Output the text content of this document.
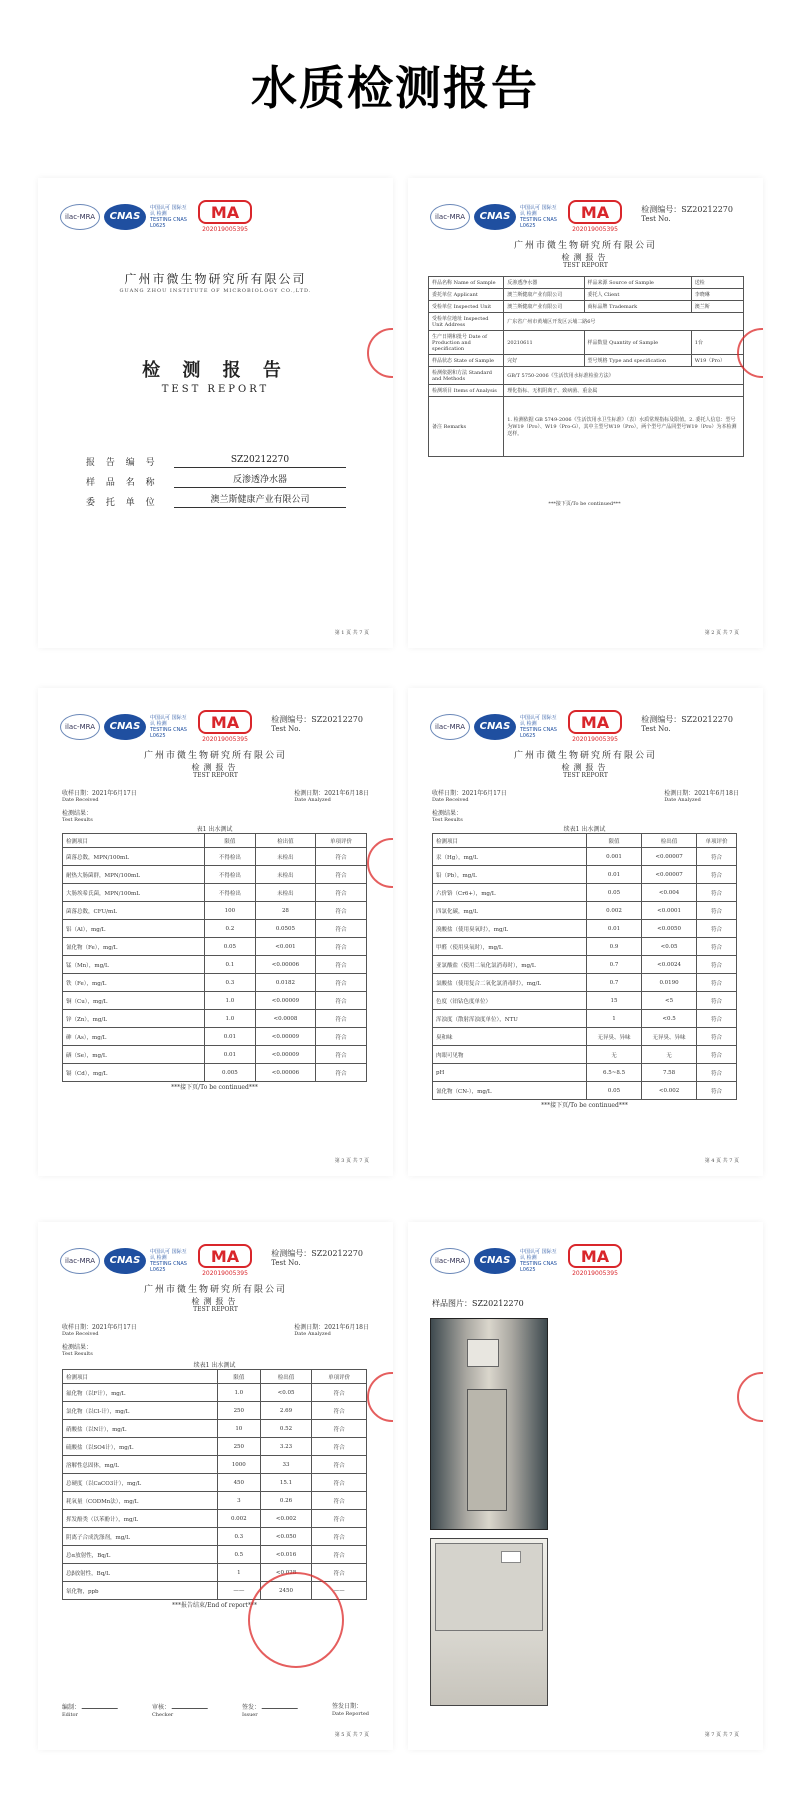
水质检测报告
ilac-MRA	CNAS
中国认可 国际互认 检测 TESTING CNAS L0625
MA
2020190053​95
广州市微生物研究所有限公司
GUANG ZHOU INSTITUTE OF MICROBIOLOGY CO.,LTD.
检 测 报 告
TEST REPORT
报 告 编 号	SZ20212270
样 品 名 称	反渗透净水器
委 托 单 位	澳兰斯健康产业有限公司
第 1 页 共 7 页
ilac-MRA	CNAS
中国认可 国际互认 检测 TESTING CNAS L0625
MA
2020190053​95
检测编号：SZ20212270
Test No.
广州市微生物研究所有限公司
检测报告
TEST REPORT
样品名称 Name of Sample	反渗透净水器	样品来源 Source of Sample	送检
委托单位 Applicant	澳兰斯健康产业有限公司	委托人 Client	李晓琳
受检单位 Inspected Unit	澳兰斯健康产业有限公司	商标品牌 Trademark	澳兰斯
受检单位地址 Inspected Unit Address	广东省广州市黄埔区开发区云埔二路6号		
生产日期和批号 Date of Production and specification	20210611	样品数量 Quantity of Sample	1台
样品状态 State of Sample	完好	型号规格 Type and specification	W19（Pro）
检测依据和方法 Standard and Methods	GB/T 5750-2006《生活饮用水标准检验方法》		
检测项目 Items of Analysis	理化指标、无机阴离子、致病菌、重金属		
备注 Remarks	1. 检测依据 GB 5749-2006《生活饮用水卫生标准》（表）水质常规指标及限值。2. 委托人信息：型号为W19（Pro）、W19（Pro-G），其中主型号W19（Pro），两个型号产品同型号W19（Pro）为本检测送样。		
***接下页/To be continued***
第 2 页 共 7 页
ilac-MRA	CNAS
中国认可 国际互认 检测 TESTING CNAS L0625
MA
2020190053​95
检测编号：SZ20212270
Test No.
广州市微生物研究所有限公司
检测报告
TEST REPORT
收样日期：2021年6月17日
Date Received
检测日期：2021年6月18日
Date Analyzed
检测结果：
Test Results
表1 出水测试			
检测项目	限值	检出值	单项评价
菌落总数，MPN/100mL	不得检出	未检出	符合
耐热大肠菌群，MPN/100mL	不得检出	未检出	符合
大肠埃希氏菌，MPN/100mL	不得检出	未检出	符合
菌落总数，CFU/mL	100	28	符合
铝（Al），mg/L	0.2	0.0505	符合
氰化物（Fe），mg/L	0.05	<0.001	符合
锰（Mn），mg/L	0.1	<0.00006	符合
铁（Fe），mg/L	0.3	0.0182	符合
铜（Cu），mg/L	1.0	<0.00009	符合
锌（Zn），mg/L	1.0	<0.0008	符合
砷（As），mg/L	0.01	<0.00009	符合
硒（Se），mg/L	0.01	<0.00009	符合
镉（Cd），mg/L	0.005	<0.00006	符合
***接下页/To be continued***			
第 3 页 共 7 页
ilac-MRA	CNAS
中国认可 国际互认 检测 TESTING CNAS L0625
MA
2020190053​95
检测编号：SZ20212270
Test No.
广州市微生物研究所有限公司
检测报告
TEST REPORT
收样日期：2021年6月17日
Date Received
检测日期：2021年6月18日
Date Analyzed
检测结果：
Test Results
续表1 出水测试			
检测项目	限值	检出值	单项评价
汞（Hg），mg/L	0.001	<0.00007	符合
铅（Pb），mg/L	0.01	<0.00007	符合
六价铬（Cr6+），mg/L	0.05	<0.004	符合
四氯化碳，mg/L	0.002	<0.0001	符合
溴酸盐（使用臭氧时），mg/L	0.01	<0.0050	符合
甲醛（使用臭氧时），mg/L	0.9	<0.05	符合
亚氯酸盐（使用二氧化氯消毒时），mg/L	0.7	<0.0024	符合
氯酸盐（使用复合二氧化氯消毒时），mg/L	0.7	0.0190	符合
色度（铂钴色度单位）	15	<5	符合
浑浊度（散射浑浊度单位），NTU	1	<0.5	符合
臭和味	无异臭、异味	无异臭、异味	符合
肉眼可见物	无	无	符合
pH	6.5~8.5	7.58	符合
氰化物（CN-），mg/L	0.05	<0.002	符合
***接下页/To be continued***			
第 4 页 共 7 页
ilac-MRA	CNAS
中国认可 国际互认 检测 TESTING CNAS L0625
MA
2020190053​95
检测编号：SZ20212270
Test No.
广州市微生物研究所有限公司
检测报告
TEST REPORT
收样日期：2021年6月17日
Date Received
检测日期：2021年6月18日
Date Analyzed
检测结果：
Test Results
续表1 出水测试			
检测项目	限值	检出值	单项评价
氟化物（以F计），mg/L	1.0	<0.05	符合
氯化物（以Cl-计），mg/L	250	2.69	符合
硝酸盐（以N计），mg/L	10	0.52	符合
硫酸盐（以SO4计），mg/L	250	3.23	符合
溶解性总固体，mg/L	1000	33	符合
总硬度（以CaCO3计），mg/L	450	15.1	符合
耗氧量（CODMn法），mg/L	3	0.26	符合
挥发酚类（以苯酚计），mg/L	0.002	<0.002	符合
阴离子合成洗涤剂，mg/L	0.3	<0.050	符合
总α放射性，Bq/L	0.5	<0.016	符合
总β放射性，Bq/L	1	<0.028	符合
氡化物，ppb	——	2450	——
***报告结束/End of report***			
编制：
Editor
审核：
Checker
签发：
Issuer
签发日期：
Date Reported
第 5 页 共 7 页
ilac-MRA	CNAS
中国认可 国际互认 检测 TESTING CNAS L0625
MA
2020190053​95
样品图片：SZ20212270
第 7 页 共 7 页
